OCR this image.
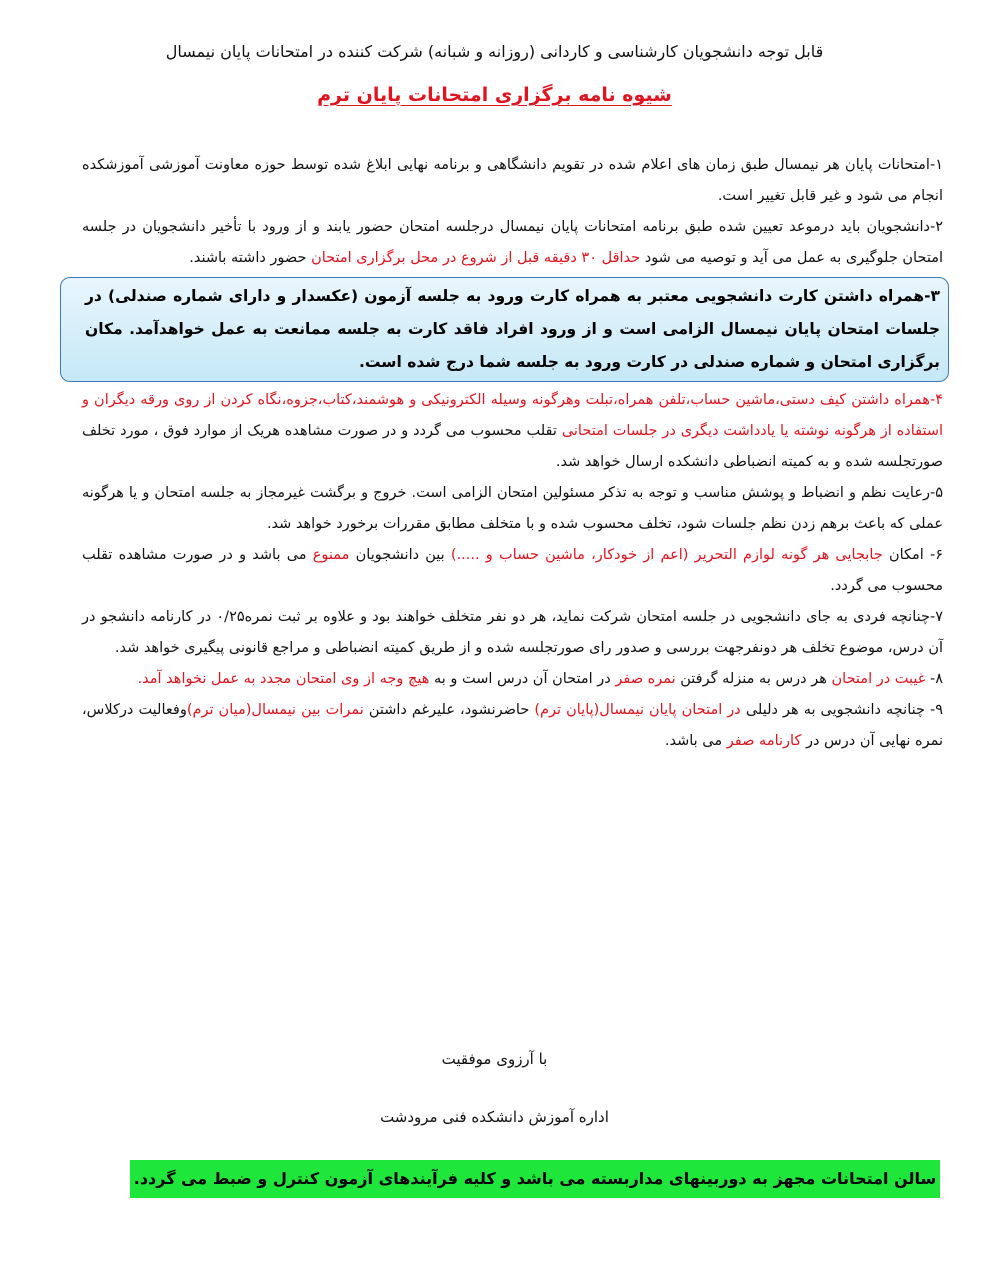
قابل توجه دانشجویان کارشناسی و کاردانی (روزانه و شبانه) شرکت کننده در امتحانات پایان نیمسال
شیوه نامه برگزاری امتحانات پایان ترم

۱-امتحانات پایان هر نیمسال طبق زمان های اعلام شده در تقویم دانشگاهی و برنامه نهایی ابلاغ شده توسط حوزه معاونت آموزشی آموزشکده انجام می شود و غیر قابل تغییر است.

۲-دانشجویان باید درموعد تعیین شده طبق برنامه امتحانات پایان نیمسال درجلسه امتحان حضور یابند و از ورود با تأخیر دانشجویان در جلسه امتحان جلوگیری به عمل می آید و توصیه می شود حداقل ۳۰ دقیقه قبل از شروع در محل برگزاری امتحان حضور داشته باشند.

۳-همراه داشتن کارت دانشجویی معتبر به همراه کارت ورود به جلسه آزمون (عکسدار و دارای شماره صندلی) در جلسات امتحان پایان نیمسال الزامی است و از ورود افراد فاقد کارت به جلسه ممانعت به عمل خواهدآمد. مکان برگزاری امتحان و شماره صندلی در کارت ورود به جلسه شما درج شده است.

۴-همراه داشتن کیف دستی،ماشین حساب،تلفن همراه،تبلت وهرگونه وسیله الکترونیکی و هوشمند،کتاب،جزوه،نگاه کردن از روی ورقه دیگران و استفاده از هرگونه نوشته یا یادداشت دیگری در جلسات امتحانی تقلب محسوب می گردد و در صورت مشاهده هریک از موارد فوق ، مورد تخلف صورتجلسه شده و به کمیته انضباطی دانشکده ارسال خواهد شد.

۵-رعایت نظم و انضباط و پوشش مناسب و توجه به تذکر مسئولین امتحان الزامی است. خروج و برگشت غیرمجاز به جلسه امتحان و یا هرگونه عملی که باعث برهم زدن نظم جلسات شود، تخلف محسوب شده و با متخلف مطابق مقررات برخورد خواهد شد.

۶- امکان جابجایی هر گونه لوازم التحریر (اعم از خودکار، ماشین حساب و .....) بین دانشجویان ممنوع می باشد و در صورت مشاهده تقلب محسوب می گردد.

۷-چنانچه فردی به جای دانشجویی در جلسه امتحان شرکت نماید، هر دو نفر متخلف خواهند بود و علاوه بر ثبت نمره۰/۲۵ در کارنامه دانشجو در آن درس، موضوع تخلف هر دونفرجهت بررسی و صدور رای صورتجلسه شده و از طریق کمیته انضباطی و مراجع قانونی پیگیری خواهد شد.

۸- غیبت در امتحان هر درس به منزله گرفتن نمره صفر در امتحان آن درس است و به هیچ وجه از وی امتحان مجدد به عمل نخواهد آمد.

۹- چنانچه دانشجویی به هر دلیلی در امتحان پایان نیمسال(پایان ترم) حاضرنشود، علیرغم داشتن نمرات بین نیمسال(میان ترم)وفعالیت درکلاس، نمره نهایی آن درس در کارنامه صفر می باشد.

با آرزوی موفقیت
اداره آموزش دانشکده فنی مرودشت
سالن امتحانات مجهز به دوربینهای مداربسته می باشد و کلیه فرآیندهای آزمون کنترل و ضبط می گردد.
